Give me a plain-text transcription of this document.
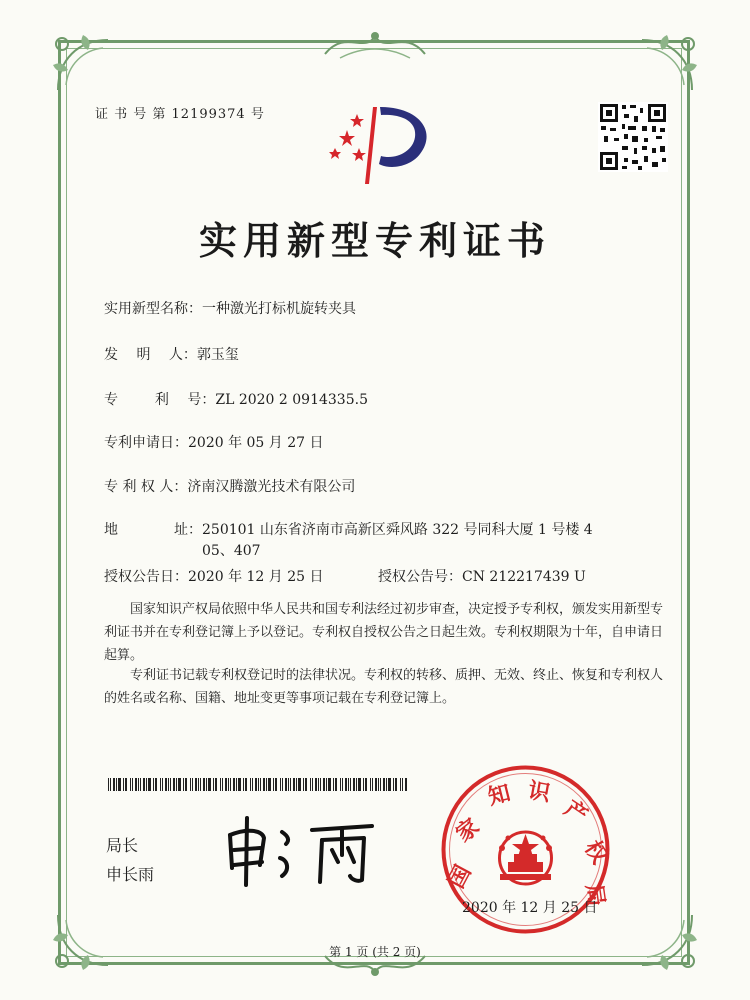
证 书 号 第 12199374 号
实用新型专利证书
实用新型名称：一种激光打标机旋转夹具
发　 明　 人：郭玉玺
专　 　 利　 号：ZL 2020 2 0914335.5
专利申请日：2020 年 05 月 27 日
专 利 权 人：济南汉腾激光技术有限公司
地　　　　址：250101 山东省济南市高新区舜风路 322 号同科大厦 1 号楼 4
05、407
授权公告日：2020 年 12 月 25 日	授权公告号：CN 212217439 U
国家知识产权局依照中华人民共和国专利法经过初步审查，决定授予专利权，颁发实用新型专利证书并在专利登记簿上予以登记。专利权自授权公告之日起生效。专利权期限为十年，自申请日起算。
专利证书记载专利权登记时的法律状况。专利权的转移、质押、无效、终止、恢复和专利权人的姓名或名称、国籍、地址变更等事项记载在专利登记簿上。
局长
申长雨	国
家
知 识
产
权
局
2020 年 12 月 25 日
第 1 页 (共 2 页)
